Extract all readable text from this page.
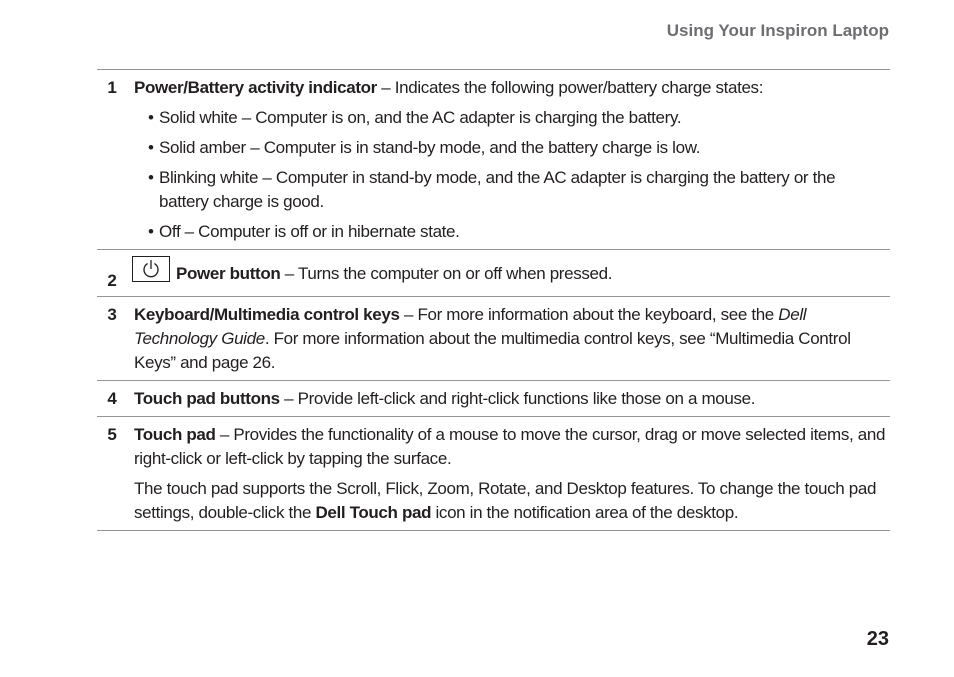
Using Your Inspiron Laptop
1	Power/Battery activity indicator – Indicates the following power/battery charge states:

• Solid white – Computer is on, and the AC adapter is charging the battery.
• Solid amber – Computer is in stand-by mode, and the battery charge is low.
• Blinking white – Computer in stand-by mode, and the AC adapter is charging the battery or the battery charge is good.
• Off – Computer is off or in hibernate state.
2	Power button – Turns the computer on or off when pressed.

3	Keyboard/Multimedia control keys – For more information about the keyboard, see the Dell Technology Guide. For more information about the multimedia control keys, see “Multimedia Control Keys” and page 26.

4	Touch pad buttons – Provide left-click and right-click functions like those on a mouse.

5	Touch pad – Provides the functionality of a mouse to move the cursor, drag or move selected items, and right-click or left-click by tapping the surface.

The touch pad supports the Scroll, Flick, Zoom, Rotate, and Desktop features. To change the touch pad settings, double-click the Dell Touch pad icon in the notification area of the desktop.

23
